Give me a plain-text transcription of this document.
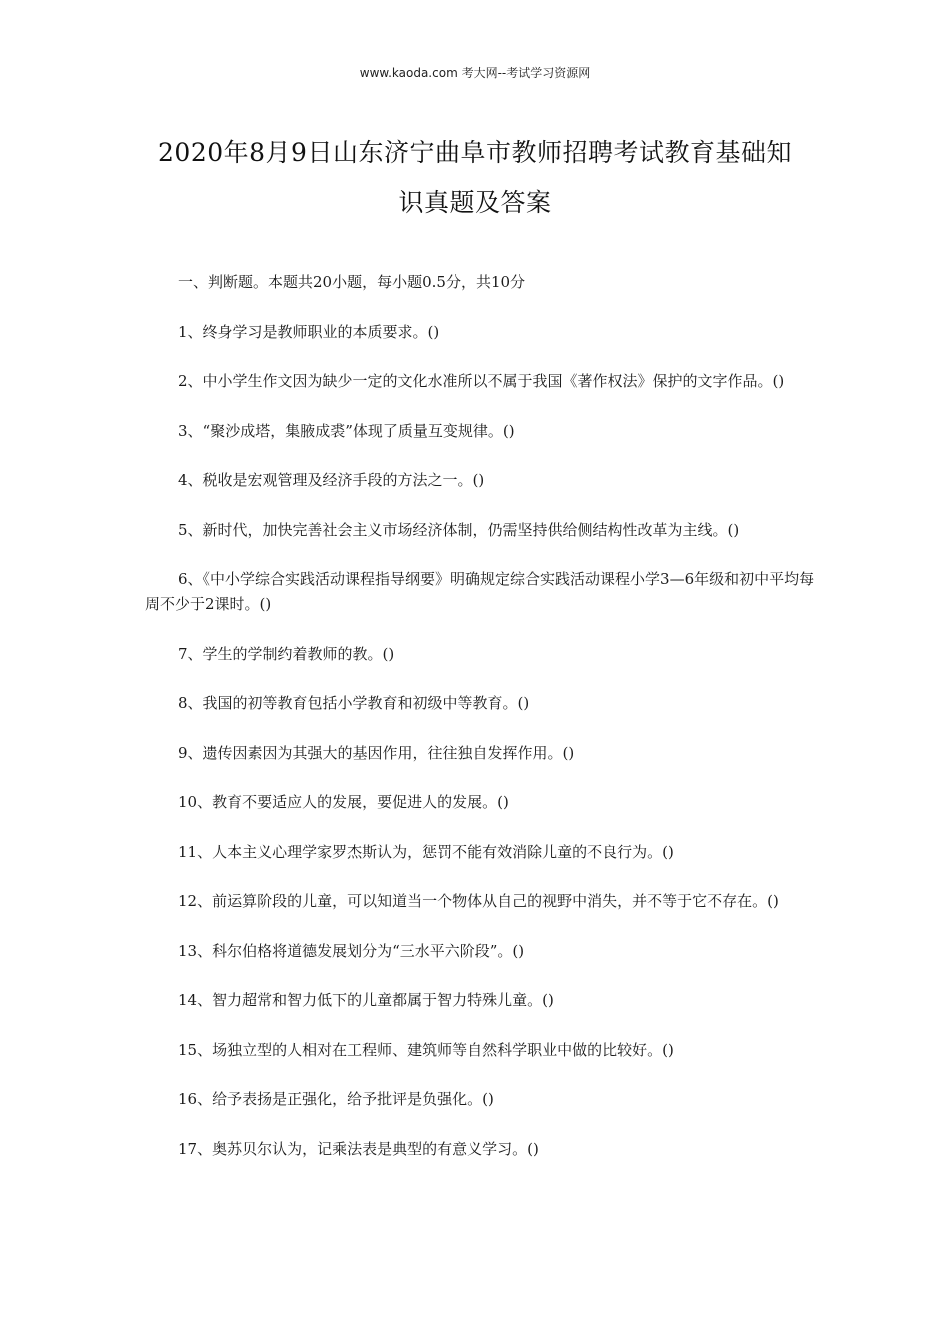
www.kaoda.com 考大网--考试学习资源网
2020年8月9日山东济宁曲阜市教师招聘考试教育基础知
识真题及答案

一、判断题。本题共20小题，每小题0.5分，共10分

1、终身学习是教师职业的本质要求。()

2、中小学生作文因为缺少一定的文化水准所以不属于我国《著作权法》保护的文字作品。()

3、“聚沙成塔，集腋成裘”体现了质量互变规律。()

4、税收是宏观管理及经济手段的方法之一。()

5、新时代，加快完善社会主义市场经济体制，仍需坚持供给侧结构性改革为主线。()

6、《中小学综合实践活动课程指导纲要》明确规定综合实践活动课程小学3—6年级和初中平均每周不少于2课时。()

7、学生的学制约着教师的教。()

8、我国的初等教育包括小学教育和初级中等教育。()

9、遗传因素因为其强大的基因作用，往往独自发挥作用。()

10、教育不要适应人的发展，要促进人的发展。()

11、人本主义心理学家罗杰斯认为，惩罚不能有效消除儿童的不良行为。()

12、前运算阶段的儿童，可以知道当一个物体从自己的视野中消失，并不等于它不存在。()

13、科尔伯格将道德发展划分为“三水平六阶段”。()

14、智力超常和智力低下的儿童都属于智力特殊儿童。()

15、场独立型的人相对在工程师、建筑师等自然科学职业中做的比较好。()

16、给予表扬是正强化，给予批评是负强化。()

17、奥苏贝尔认为，记乘法表是典型的有意义学习。()
